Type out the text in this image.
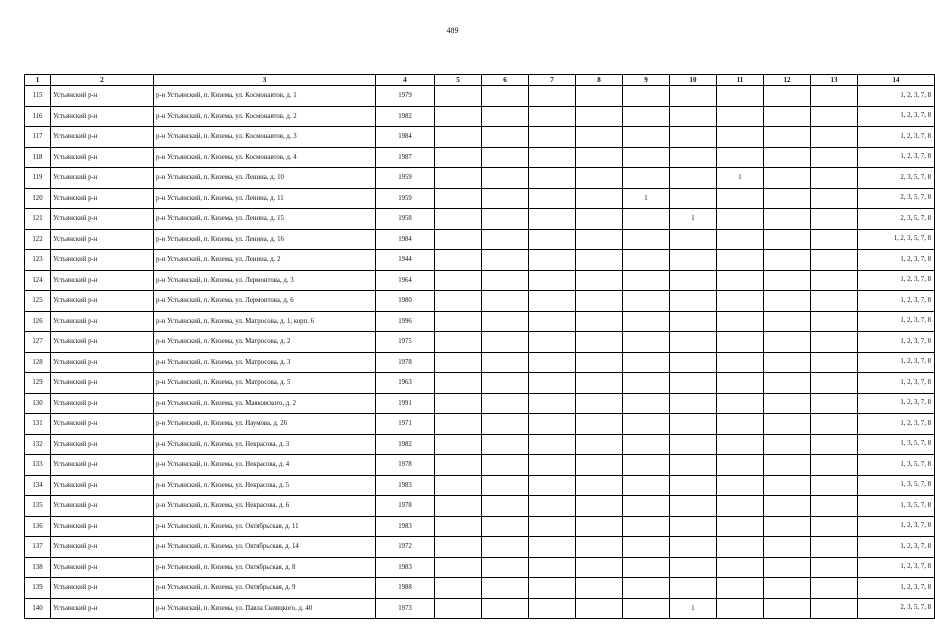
489
1	2	3	4	5	6	7	8	9	10	11	12	13	14
115	Устьянский р-н	р-н Устьянский, п. Кизема, ул. Космонавтов, д. 1	1979										1, 2, 3, 7, 8
116	Устьянский р-н	р-н Устьянский, п. Кизема, ул. Космонавтов, д. 2	1982										1, 2, 3, 7, 8
117	Устьянский р-н	р-н Устьянский, п. Кизема, ул. Космонавтов, д. 3	1984										1, 2, 3, 7, 8
118	Устьянский р-н	р-н Устьянский, п. Кизема, ул. Космонавтов, д. 4	1987										1, 2, 3, 7, 8
119	Устьянский р-н	р-н Устьянский, п. Кизема, ул. Ленина, д. 10	1959							1			2, 3, 5, 7, 8
120	Устьянский р-н	р-н Устьянский, п. Кизема, ул. Ленина, д. 11	1959					1					2, 3, 5, 7, 8
121	Устьянский р-н	р-н Устьянский, п. Кизема, ул. Ленина, д. 15	1958						1				2, 3, 5, 7, 8
122	Устьянский р-н	р-н Устьянский, п. Кизема, ул. Ленина, д. 16	1984										1, 2, 3, 5, 7, 8
123	Устьянский р-н	р-н Устьянский, п. Кизема, ул. Ленина, д. 2	1944										1, 2, 3, 7, 8
124	Устьянский р-н	р-н Устьянский, п. Кизема, ул. Лермонтова, д. 3	1964										1, 2, 3, 7, 8
125	Устьянский р-н	р-н Устьянский, п. Кизема, ул. Лермонтова, д. 6	1980										1, 2, 3, 7, 8
126	Устьянский р-н	р-н Устьянский, п. Кизема, ул. Матросова, д. 1, корп. 6	1996										1, 2, 3, 7, 8
127	Устьянский р-н	р-н Устьянский, п. Кизема, ул. Матросова, д. 2	1975										1, 2, 3, 7, 8
128	Устьянский р-н	р-н Устьянский, п. Кизема, ул. Матросова, д. 3	1978										1, 2, 3, 7, 8
129	Устьянский р-н	р-н Устьянский, п. Кизема, ул. Матросова, д. 5	1963										1, 2, 3, 7, 8
130	Устьянский р-н	р-н Устьянский, п. Кизема, ул. Маяковского, д. 2	1991										1, 2, 3, 7, 8
131	Устьянский р-н	р-н Устьянский, п. Кизема, ул. Наумова, д. 26	1971										1, 2, 3, 7, 8
132	Устьянский р-н	р-н Устьянский, п. Кизема, ул. Некрасова, д. 3	1982										1, 3, 5, 7, 8
133	Устьянский р-н	р-н Устьянский, п. Кизема, ул. Некрасова, д. 4	1978										1, 3, 5, 7, 8
134	Устьянский р-н	р-н Устьянский, п. Кизема, ул. Некрасова, д. 5	1983										1, 3, 5, 7, 8
135	Устьянский р-н	р-н Устьянский, п. Кизема, ул. Некрасова, д. 6	1978										1, 3, 5, 7, 8
136	Устьянский р-н	р-н Устьянский, п. Кизема, ул. Октябрьская, д. 11	1983										1, 2, 3, 7, 8
137	Устьянский р-н	р-н Устьянский, п. Кизема, ул. Октябрьская, д. 14	1972										1, 2, 3, 7, 8
138	Устьянский р-н	р-н Устьянский, п. Кизема, ул. Октябрьская, д. 8	1983										1, 2, 3, 7, 8
139	Устьянский р-н	р-н Устьянский, п. Кизема, ул. Октябрьская, д. 9	1988										1, 2, 3, 7, 8
140	Устьянский р-н	р-н Устьянский, п. Кизема, ул. Павла Скивцкого, д. 40	1973						1				2, 3, 5, 7, 8
